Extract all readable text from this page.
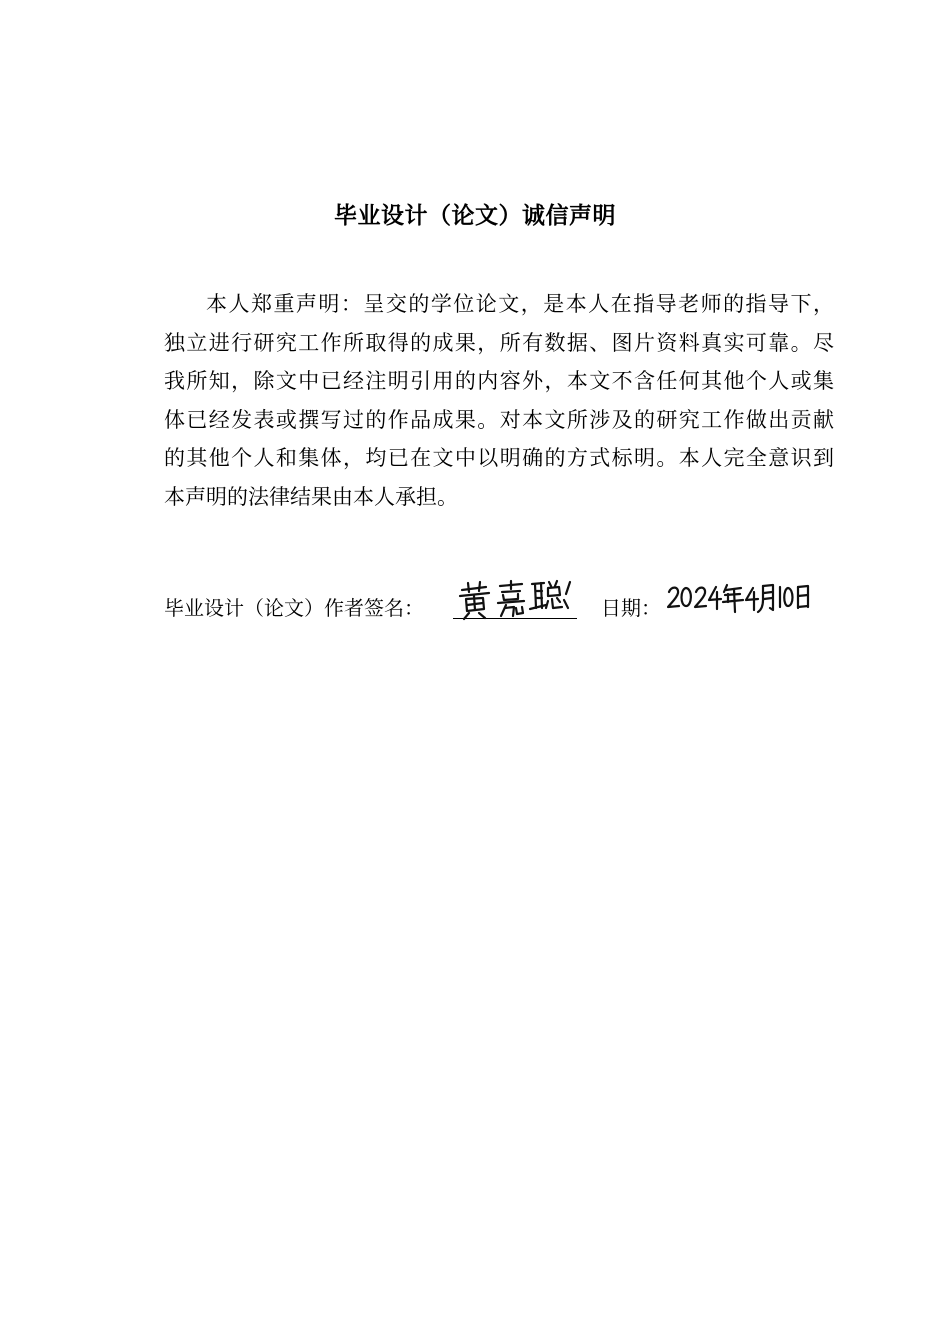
毕业设计（论文）诚信声明
本人郑重声明：呈交的学位论文，是本人在指导老师的指导下，
独立进行研究工作所取得的成果，所有数据、图片资料真实可靠。尽
我所知，除文中已经注明引用的内容外，本文不含任何其他个人或集
体已经发表或撰写过的作品成果。对本文所涉及的研究工作做出贡献
的其他个人和集体，均已在文中以明确的方式标明。本人完全意识到
本声明的法律结果由本人承担。
毕业设计（论文）作者签名：	日期：
